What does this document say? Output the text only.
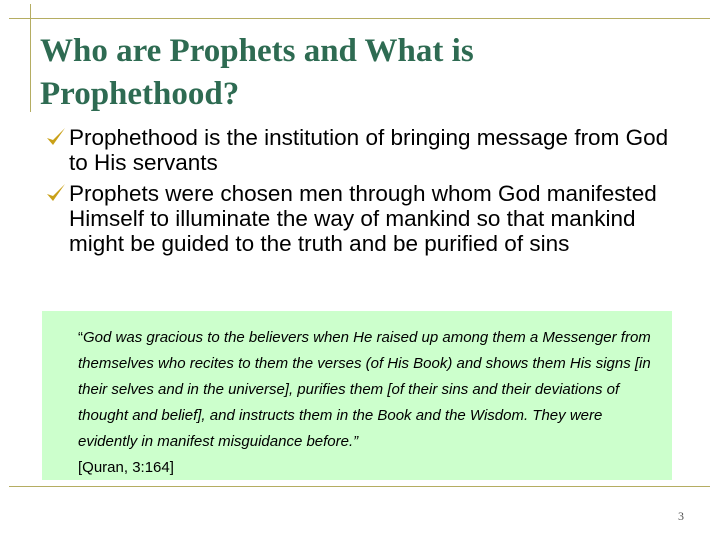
Who are Prophets and What is Prophethood?
Prophethood is the institution of bringing message from God to His servants
Prophets were chosen men through whom God manifested Himself to illuminate the way of mankind so that mankind might be guided to the truth and be purified of sins

“God was gracious to the believers when He raised up among them a Messenger from themselves who recites to them the verses (of His Book) and shows them His signs [in their selves and in the universe], purifies them [of their sins and their deviations of thought and belief], and instructs them in the Book and the Wisdom. They were evidently in manifest misguidance before.”

[Quran, 3:164]

3
